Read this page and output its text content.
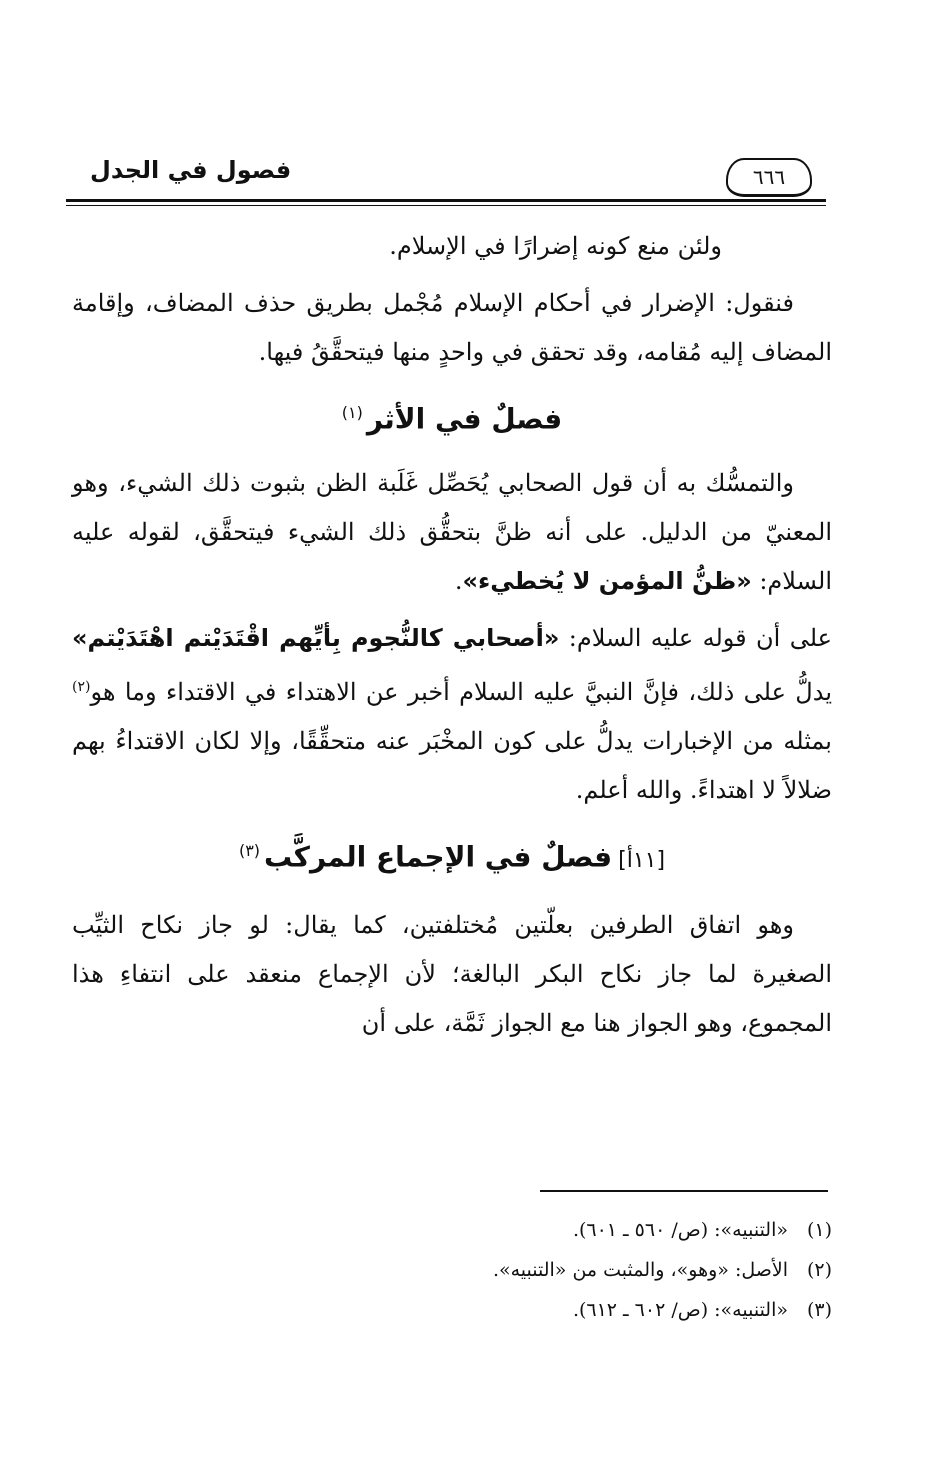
٦٦٦
فصول في الجدل

ولئن منع كونه إضرارًا في الإسلام.

فنقول: الإضرار في أحكام الإسلام مُجْمل بطريق حذف المضاف، وإقامة المضاف إليه مُقامه، وقد تحقق في واحدٍ منها فيتحقَّقُ فيها.

فصلٌ في الأثر$^{(١)}$

والتمسُّك به أن قول الصحابي يُحَصِّل غَلَبة الظن بثبوت ذلك الشيء، وهو المعنيّ من الدليل. على أنه ظنَّ بتحقُّق ذلك الشيء فيتحقَّق، لقوله عليه السلام: «ظنُّ المؤمن لا يُخطيء».

على أن قوله عليه السلام: «أصحابي كالنُّجوم بِأيِّهم اقْتَدَيْتم اهْتَدَيْتم» يدلُّ على ذلك، فإنَّ النبيَّ عليه السلام أخبر عن الاهتداء في الاقتداء وما هو$^{(٢)}$ بمثله من الإخبارات يدلُّ على كون المخْبَر عنه متحقِّقًا، وإلا لكان الاقتداءُ بهم ضلالاً لا اهتداءً. والله أعلم.

[١١أ]فصلٌ في الإجماع المركَّب$^{(٣)}$

وهو اتفاق الطرفين بعلّتين مُختلفتين، كما يقال: لو جاز نكاح الثيِّب الصغيرة لما جاز نكاح البكر البالغة؛ لأن الإجماع منعقد على انتفاءِ هذا المجموع، وهو الجواز هنا مع الجواز ثَمَّة، على أن

(١)«التنبيه»: (ص/ ٥٦٠ ـ ٦٠١).

(٢)الأصل: «وهو»، والمثبت من «التنبيه».

(٣)«التنبيه»: (ص/ ٦٠٢ ـ ٦١٢).
